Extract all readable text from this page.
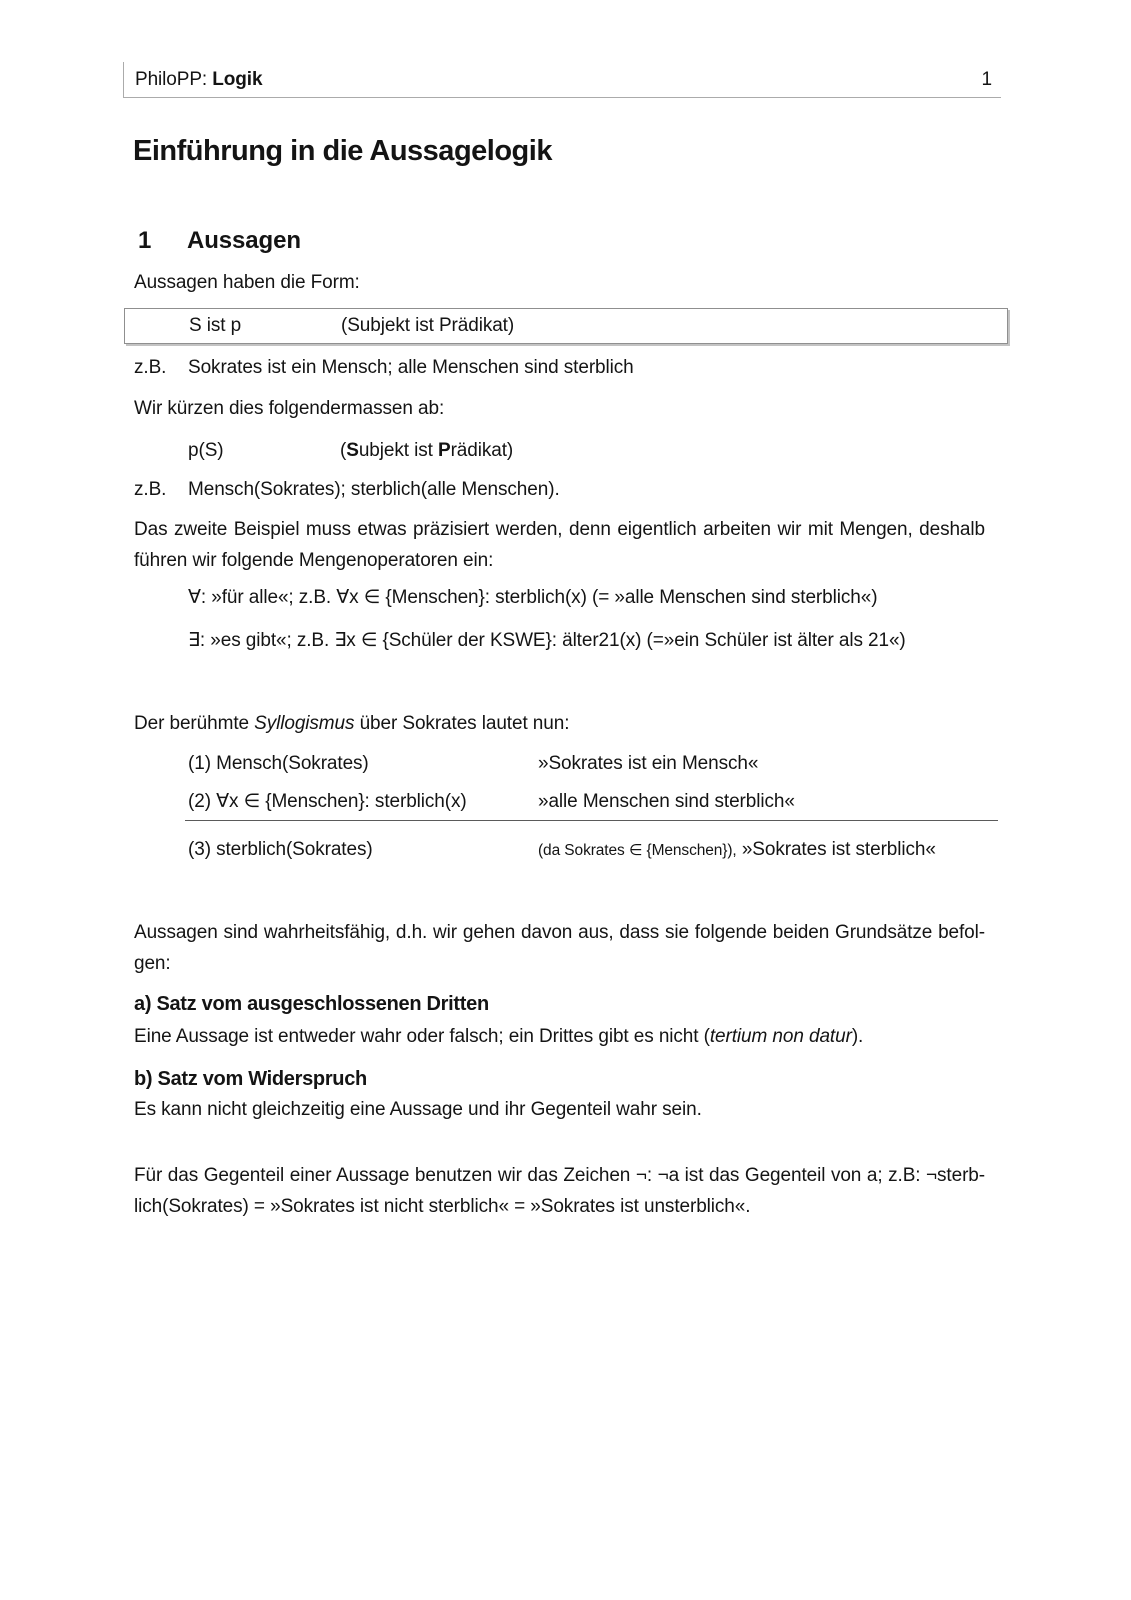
PhiloPP: Logik	1
Einführung in die Aussagelogik
1 Aussagen
Aussagen haben die Form:
S ist p	(Subjekt ist Prädikat)
z.B. Sokrates ist ein Mensch; alle Menschen sind sterblich
Wir kürzen dies folgendermassen ab:
p(S)	(Subjekt ist Prädikat)
z.B. Mensch(Sokrates); sterblich(alle Menschen).
Das zweite Beispiel muss etwas präzisiert werden, denn eigentlich arbeiten wir mit Mengen, deshalb
führen wir folgende Mengenoperatoren ein:
∀: »für alle«; z.B. ∀x ∈ {Menschen}: sterblich(x) (= »alle Menschen sind sterblich«)
∃: »es gibt«; z.B. ∃x ∈ {Schüler der KSWE}: älter21(x) (=»ein Schüler ist älter als 21«)
Der berühmte Syllogismus über Sokrates lautet nun:
(1) Mensch(Sokrates)	»Sokrates ist ein Mensch«
(2) ∀x ∈ {Menschen}: sterblich(x)	»alle Menschen sind sterblich«
(3) sterblich(Sokrates)	(da Sokrates ∈ {Menschen}), »Sokrates ist sterblich«
Aussagen sind wahrheitsfähig, d.h. wir gehen davon aus, dass sie folgende beiden Grundsätze befol-
gen:
a) Satz vom ausgeschlossenen Dritten
Eine Aussage ist entweder wahr oder falsch; ein Drittes gibt es nicht (tertium non datur).
b) Satz vom Widerspruch
Es kann nicht gleichzeitig eine Aussage und ihr Gegenteil wahr sein.
Für das Gegenteil einer Aussage benutzen wir das Zeichen ¬: ¬a ist das Gegenteil von a; z.B: ¬sterb-
lich(Sokrates) = »Sokrates ist nicht sterblich« = »Sokrates ist unsterblich«.
